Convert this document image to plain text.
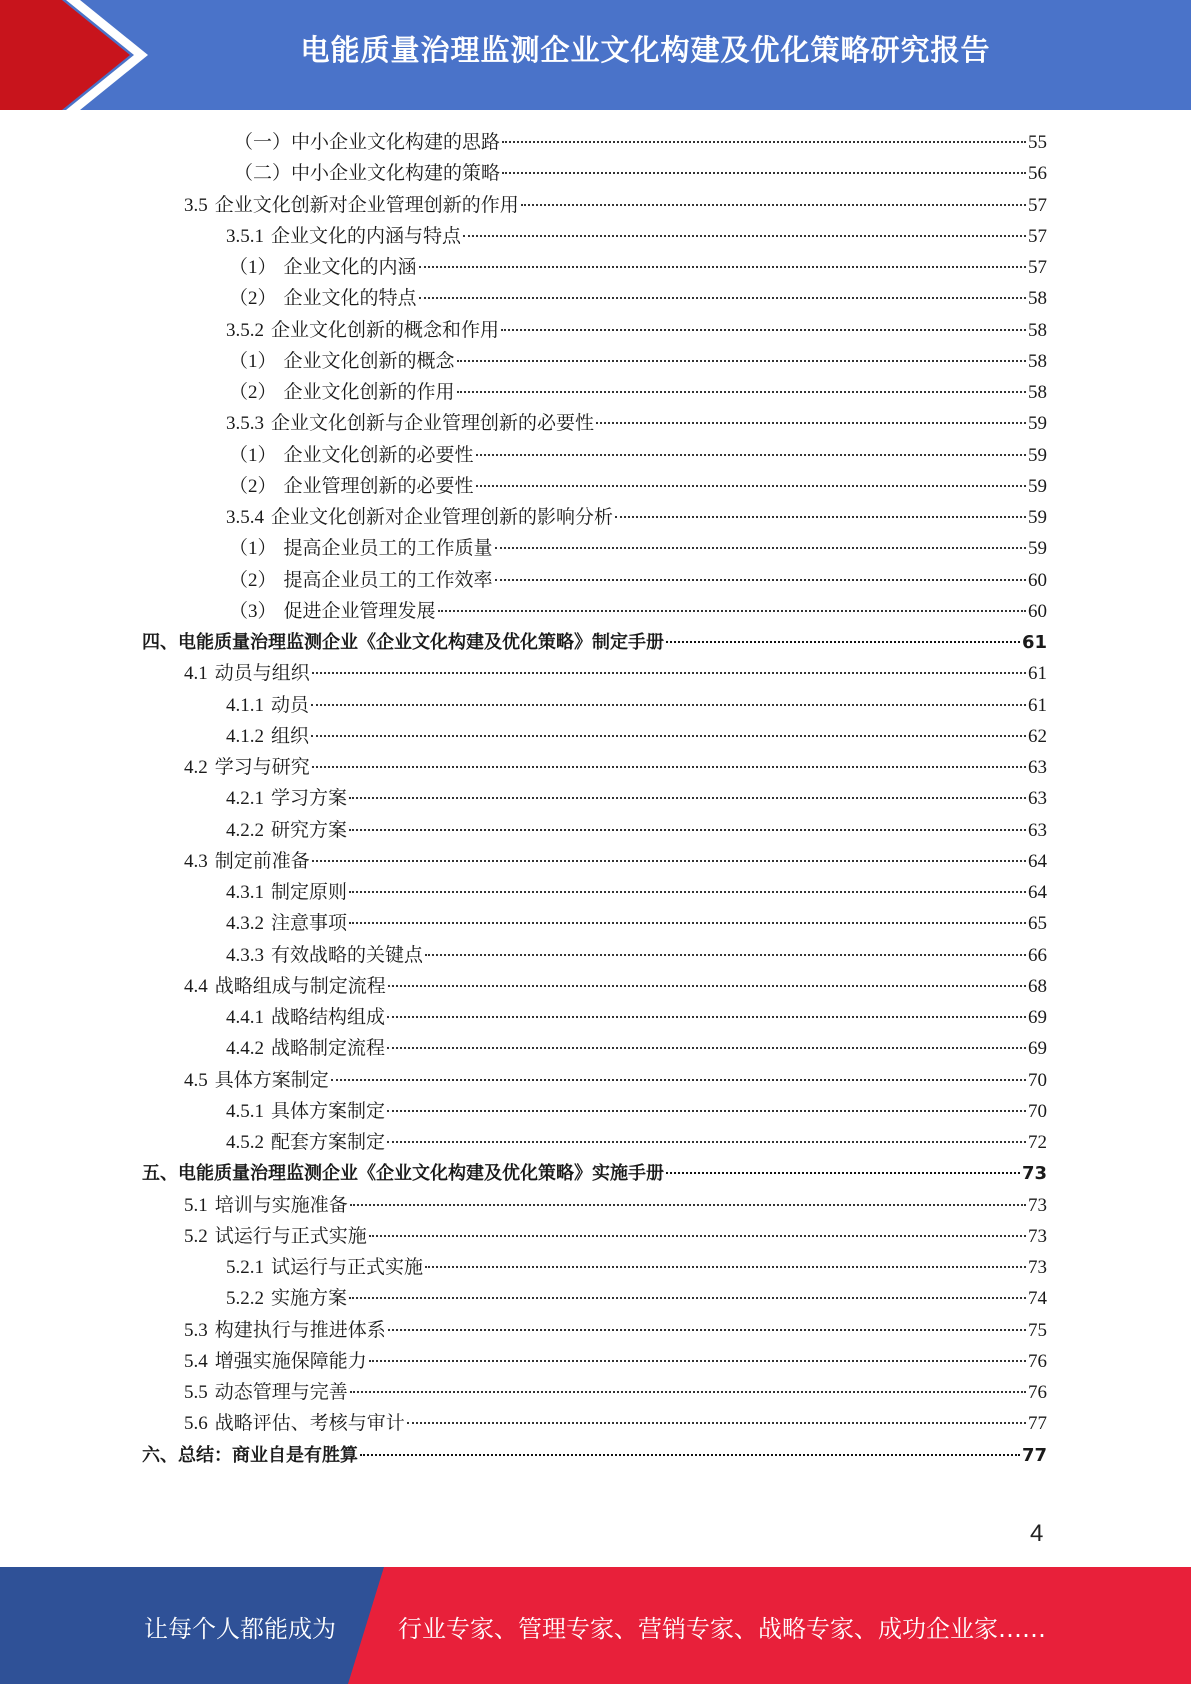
电能质量治理监测企业文化构建及优化策略研究报告
（一）中小企业文化构建的思路	55
（二）中小企业文化构建的策略	56
3.5 企业文化创新对企业管理创新的作用	57
3.5.1 企业文化的内涵与特点	57
（1） 企业文化的内涵	57
（2） 企业文化的特点	58
3.5.2 企业文化创新的概念和作用	58
（1） 企业文化创新的概念	58
（2） 企业文化创新的作用	58
3.5.3 企业文化创新与企业管理创新的必要性	59
（1） 企业文化创新的必要性	59
（2） 企业管理创新的必要性	59
3.5.4 企业文化创新对企业管理创新的影响分析	59
（1） 提高企业员工的工作质量	59
（2） 提高企业员工的工作效率	60
（3） 促进企业管理发展	60
四、电能质量治理监测企业《企业文化构建及优化策略》制定手册	61
4.1 动员与组织	61
4.1.1 动员	61
4.1.2 组织	62
4.2 学习与研究	63
4.2.1 学习方案	63
4.2.2 研究方案	63
4.3 制定前准备	64
4.3.1 制定原则	64
4.3.2 注意事项	65
4.3.3 有效战略的关键点	66
4.4 战略组成与制定流程	68
4.4.1 战略结构组成	69
4.4.2 战略制定流程	69
4.5 具体方案制定	70
4.5.1 具体方案制定	70
4.5.2 配套方案制定	72
五、电能质量治理监测企业《企业文化构建及优化策略》实施手册	73
5.1 培训与实施准备	73
5.2 试运行与正式实施	73
5.2.1 试运行与正式实施	73
5.2.2 实施方案	74
5.3 构建执行与推进体系	75
5.4 增强实施保障能力	76
5.5 动态管理与完善	76
5.6 战略评估、考核与审计	77
六、总结：商业自是有胜算	77
4
让每个人都能成为	行业专家、管理专家、营销专家、战略专家、成功企业家……
